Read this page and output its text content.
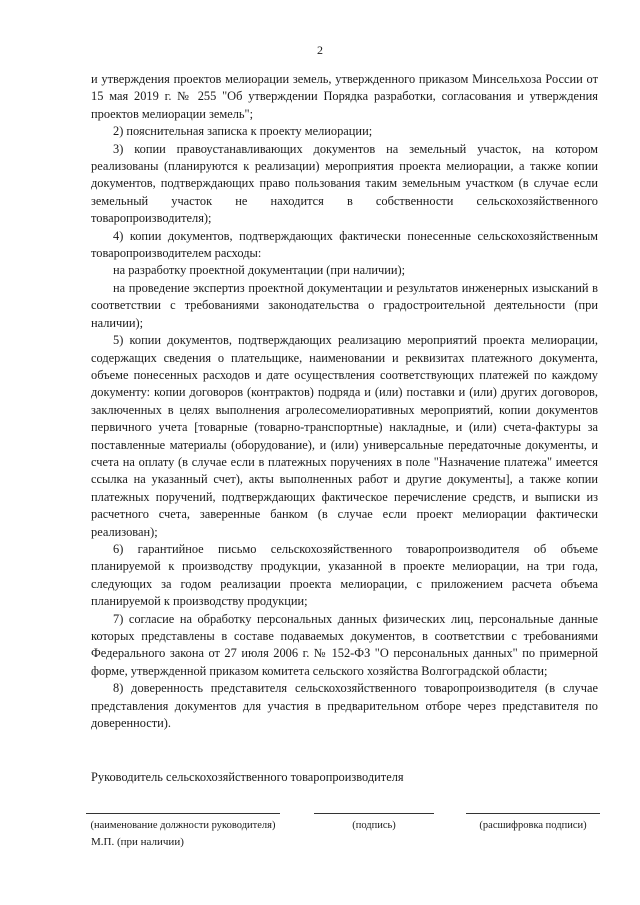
2

и утверждения проектов мелиорации земель, утвержденного приказом Минсельхоза России от 15 мая 2019 г. № 255 "Об утверждении Порядка разработки, согласования и утверждения проектов мелиорации земель";

2) пояснительная записка к проекту мелиорации;

3) копии правоустанавливающих документов на земельный участок, на котором реализованы (планируются к реализации) мероприятия проекта мелиорации, а также копии документов, подтверждающих право пользования таким земельным участком (в случае если земельный участок не находится в собственности сельскохозяйственного товаропроизводителя);

4) копии документов, подтверждающих фактически понесенные сельскохозяйственным товаропроизводителем расходы:

на разработку проектной документации (при наличии);

на проведение экспертиз проектной документации и результатов инженерных изысканий в соответствии с требованиями законодательства о градостроительной деятельности (при наличии);

5) копии документов, подтверждающих реализацию мероприятий проекта мелиорации, содержащих сведения о плательщике, наименовании и реквизитах платежного документа, объеме понесенных расходов и дате осуществления соответствующих платежей по каждому документу: копии договоров (контрактов) подряда и (или) поставки и (или) других договоров, заключенных в целях выполнения агролесомелиоративных мероприятий, копии документов первичного учета [товарные (товарно-транспортные) накладные, и (или) счета-фактуры за поставленные материалы (оборудование), и (или) универсальные передаточные документы, и счета на оплату (в случае если в платежных поручениях в поле "Назначение платежа" имеется ссылка на указанный счет), акты выполненных работ и другие документы], а также копии платежных поручений, подтверждающих фактическое перечисление средств, и выписки из расчетного счета, заверенные банком (в случае если проект мелиорации фактически реализован);

6) гарантийное письмо сельскохозяйственного товаропроизводителя об объеме планируемой к производству продукции, указанной в проекте мелиорации, на три года, следующих за годом реализации проекта мелиорации, с приложением расчета объема планируемой к производству продукции;

7) согласие на обработку персональных данных физических лиц, персональные данные которых представлены в составе подаваемых документов, в соответствии с требованиями Федерального закона от 27 июля 2006 г. № 152-ФЗ "О персональных данных" по примерной форме, утвержденной приказом комитета сельского хозяйства Волгоградской области;

8) доверенность представителя сельскохозяйственного товаропроизводителя (в случае представления документов для участия в предварительном отборе через представителя по доверенности).

Руководитель сельскохозяйственного товаропроизводителя
(наименование должности руководителя)	(подпись)	(расшифровка подписи)
М.П. (при наличии)
